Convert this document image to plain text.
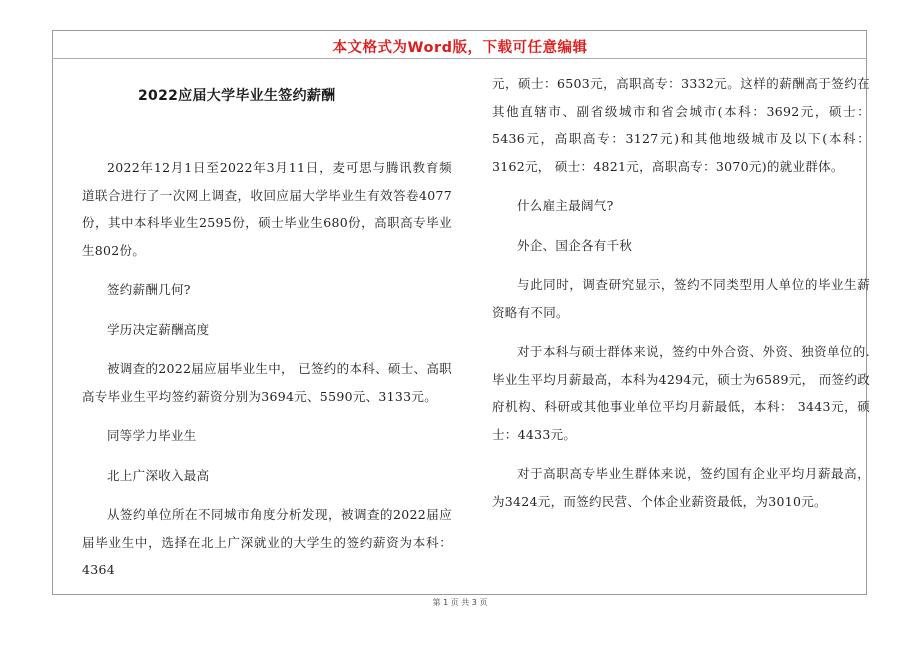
本文格式为Word版，下载可任意编辑
2022应届大学毕业生签约薪酬

2022年12月1日至2022年3月11日，麦可思与腾讯教育频道联合进行了一次网上调查，收回应届大学毕业生有效答卷4077份，其中本科毕业生2595份，硕士毕业生680份，高职高专毕业生802份。

签约薪酬几何?

学历决定薪酬高度

被调查的2022届应届毕业生中， 已签约的本科、硕士、高职高专毕业生平均签约薪资分别为3694元、5590元、3133元。

同等学力毕业生

北上广深收入最高

从签约单位所在不同城市角度分析发现，被调查的2022届应届毕业生中，选择在北上广深就业的大学生的签约薪资为本科：4364

元，硕士：6503元，高职高专：3332元。这样的薪酬高于签约在其他直辖市、副省级城市和省会城市(本科：3692元，硕士：5436元，高职高专：3127元)和其他地级城市及以下(本科：3162元， 硕士：4821元，高职高专：3070元)的就业群体。

什么雇主最阔气?

外企、国企各有千秋

与此同时，调查研究显示，签约不同类型用人单位的毕业生薪资略有不同。

对于本科与硕士群体来说，签约中外合资、外资、独资单位的.毕业生平均月薪最高，本科为4294元，硕士为6589元， 而签约政府机构、科研或其他事业单位平均月薪最低，本科： 3443元，硕士：4433元。

对于高职高专毕业生群体来说，签约国有企业平均月薪最高，为3424元，而签约民营、个体企业薪资最低，为3010元。

第 1 页 共 3 页
